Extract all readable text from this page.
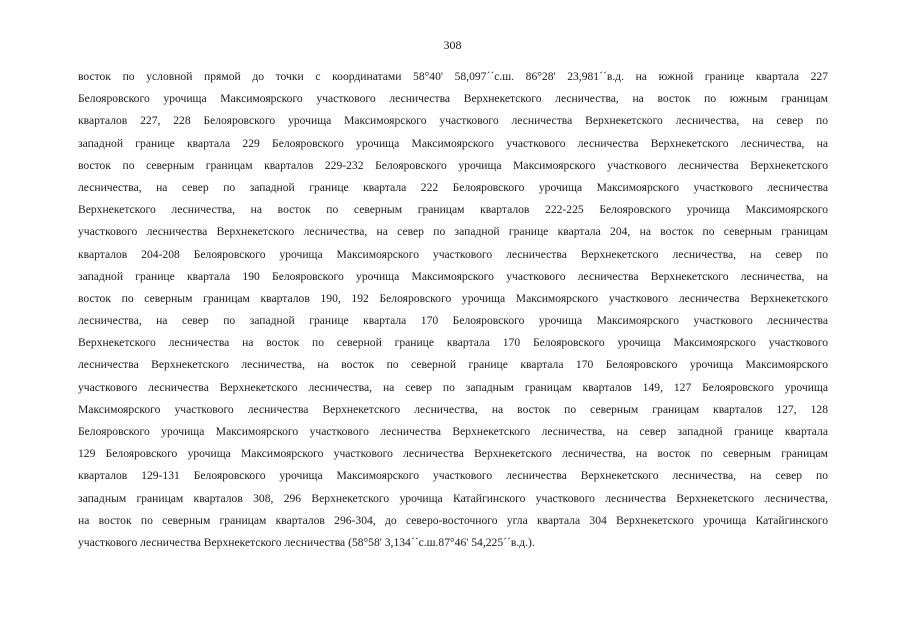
308
восток по условной прямой до точки с координатами 58°40' 58,097´´с.ш. 86°28' 23,981´´в.д. на южной границе квартала 227
Белояровского урочища Максимоярского участкового лесничества Верхнекетского лесничества, на восток по южным границам
кварталов 227, 228 Белояровского урочища Максимоярского участкового лесничества Верхнекетского лесничества, на север по
западной границе квартала 229 Белояровского урочища Максимоярского участкового лесничества Верхнекетского лесничества, на
восток по северным границам кварталов 229-232 Белояровского урочища Максимоярского участкового лесничества Верхнекетского
лесничества, на север по западной границе квартала 222 Белояровского урочища Максимоярского участкового лесничества
Верхнекетского лесничества, на восток по северным границам кварталов 222-225 Белояровского урочища Максимоярского
участкового лесничества Верхнекетского лесничества, на север по западной границе квартала 204, на восток по северным границам
кварталов 204-208 Белояровского урочища Максимоярского участкового лесничества Верхнекетского лесничества, на север по
западной границе квартала 190 Белояровского урочища Максимоярского участкового лесничества Верхнекетского лесничества, на
восток по северным границам кварталов 190, 192 Белояровского урочища Максимоярского участкового лесничества Верхнекетского
лесничества, на север по западной границе квартала 170 Белояровского урочища Максимоярского участкового лесничества
Верхнекетского лесничества на восток по северной границе квартала 170 Белояровского урочища Максимоярского участкового
лесничества Верхнекетского лесничества, на восток по северной границе квартала 170 Белояровского урочища Максимоярского
участкового лесничества Верхнекетского лесничества, на север по западным границам кварталов 149, 127 Белояровского урочища
Максимоярского участкового лесничества Верхнекетского лесничества, на восток по северным границам кварталов 127, 128
Белояровского урочища Максимоярского участкового лесничества Верхнекетского лесничества, на север западной границе квартала
129 Белояровского урочища Максимоярского участкового лесничества Верхнекетского лесничества, на восток по северным границам
кварталов 129-131 Белояровского урочища Максимоярского участкового лесничества Верхнекетского лесничества, на север по
западным границам кварталов 308, 296 Верхнекетского урочища Катайгинского участкового лесничества Верхнекетского лесничества,
на восток по северным границам кварталов 296-304, до северо-восточного угла квартала 304 Верхнекетского урочища Катайгинского
участкового лесничества Верхнекетского лесничества (58°58' 3,134´´с.ш.87°46' 54,225´´в.д.).
